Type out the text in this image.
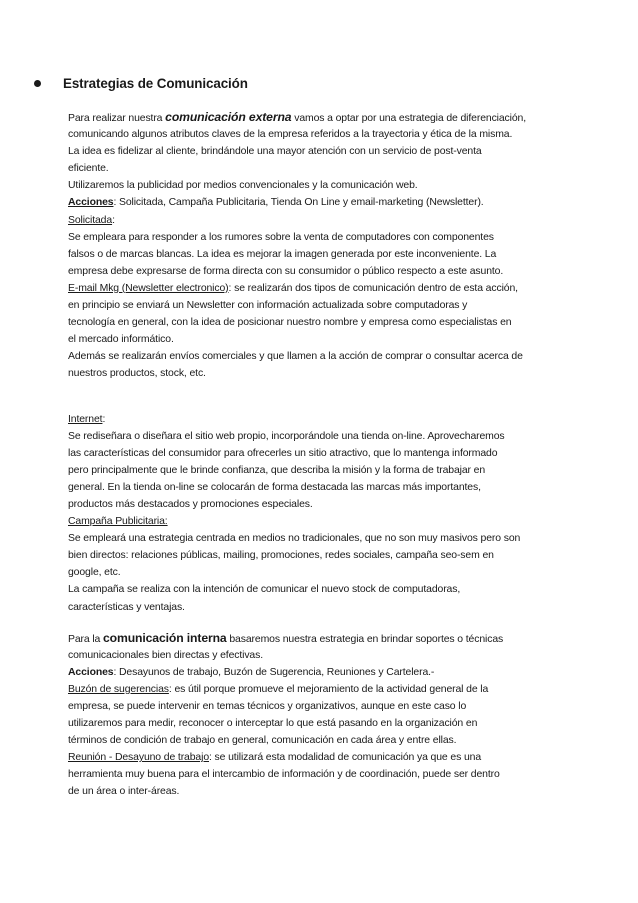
Estrategias de Comunicación
Para realizar nuestra comunicación externa vamos a optar por una estrategia de diferenciación,
comunicando algunos atributos claves de la empresa referidos a la trayectoria y ética de la misma.
La idea es fidelizar al cliente, brindándole una mayor atención con un servicio de post-venta
eficiente.
Utilizaremos la publicidad por medios convencionales y la comunicación web.
Acciones: Solicitada, Campaña Publicitaria, Tienda On Line y email-marketing (Newsletter).
Solicitada:
Se empleara para responder a los rumores sobre la venta de computadores con componentes
falsos o de marcas blancas. La idea es mejorar la imagen generada por este inconveniente. La
empresa debe expresarse de forma directa con su consumidor o público respecto a este asunto.
E-mail Mkg (Newsletter electronico): se realizarán dos tipos de comunicación dentro de esta acción,
en principio se enviará un Newsletter con información actualizada sobre computadoras y
tecnología en general, con la idea de posicionar nuestro nombre y empresa como especialistas en
el mercado informático.
Además se realizarán envíos comerciales y que llamen a la acción de comprar o consultar acerca de
nuestros productos, stock, etc.
Internet:
Se rediseñara o diseñara el sitio web propio, incorporándole una tienda on-line. Aprovecharemos
las características del consumidor para ofrecerles un sitio atractivo, que lo mantenga informado
pero principalmente que le brinde confianza, que describa la misión y la forma de trabajar en
general. En la tienda on-line se colocarán de forma destacada las marcas más importantes,
productos más destacados y promociones especiales.
Campaña Publicitaria:
Se empleará una estrategia centrada en medios no tradicionales, que no son muy masivos pero son
bien directos: relaciones públicas, mailing, promociones, redes sociales, campaña seo-sem en
google, etc.
La campaña se realiza con la intención de comunicar el nuevo stock de computadoras,
características y ventajas.
Para la comunicación interna basaremos nuestra estrategia en brindar soportes o técnicas
comunicacionales bien directas y efectivas.
Acciones: Desayunos de trabajo, Buzón de Sugerencia, Reuniones y Cartelera.-
Buzón de sugerencias: es útil porque promueve el mejoramiento de la actividad general de la
empresa, se puede intervenir en temas técnicos y organizativos, aunque en este caso lo
utilizaremos para medir, reconocer o interceptar lo que está pasando en la organización en
términos de condición de trabajo en general, comunicación en cada área y entre ellas.
Reunión - Desayuno de trabajo: se utilizará esta modalidad de comunicación ya que es una
herramienta muy buena para el intercambio de información y de coordinación, puede ser dentro
de un área o inter-áreas.
